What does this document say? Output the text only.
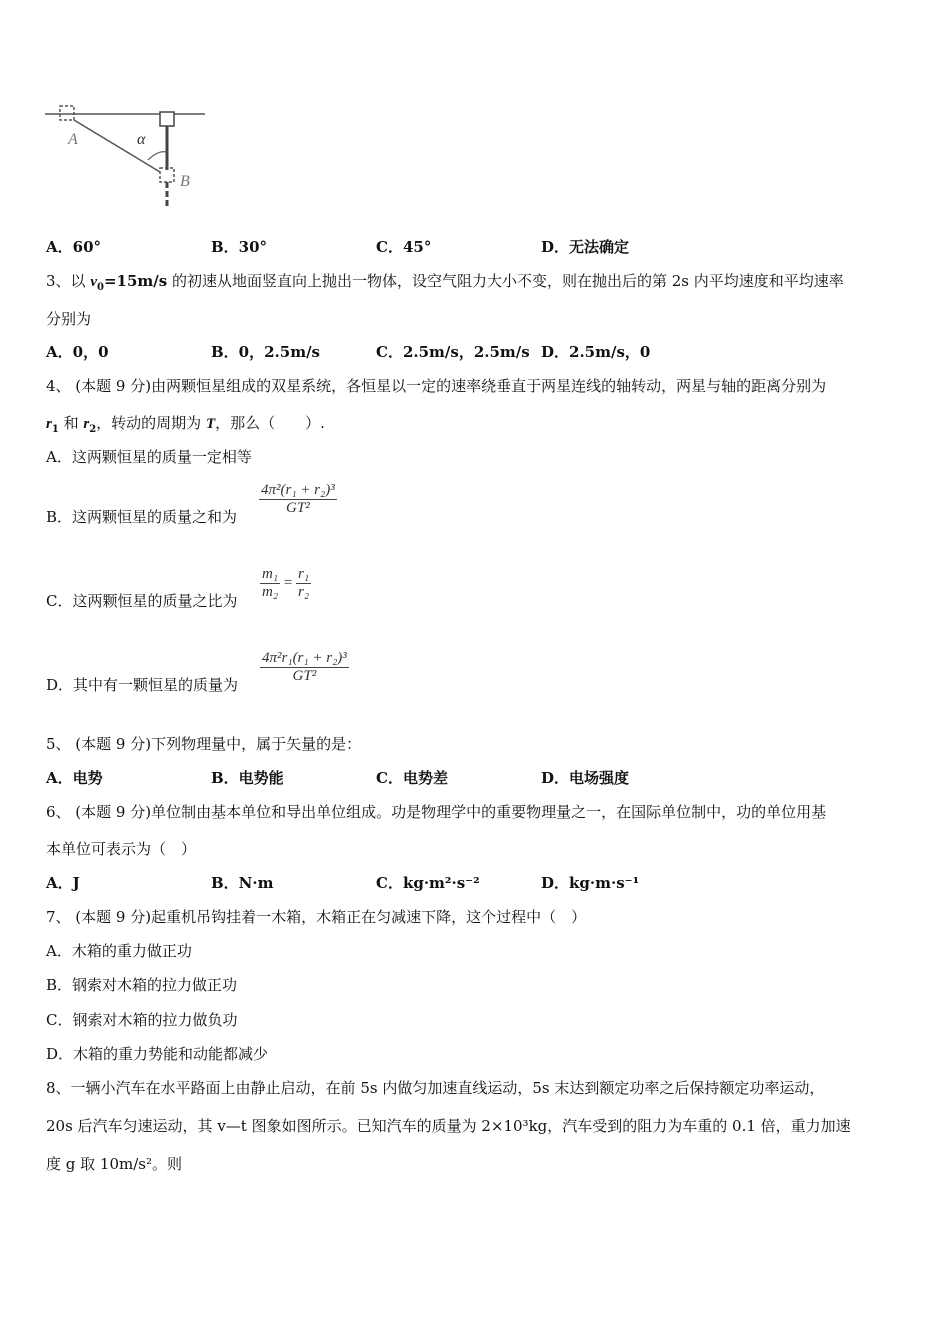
A	α
B
A．60°	B．30°	C．45°	D．无法确定
3、以 $v_0=15m/s$ 的初速从地面竖直向上抛出一物体，设空气阻力大小不变，则在抛出后的第 2s 内平均速度和平均速率
分别为
A．0，0	B．0，2.5m/s	C．2.5m/s，2.5m/s D．2.5m/s，0
4、 (本题 9 分)由两颗恒星组成的双星系统，各恒星以一定的速率绕垂直于两星连线的轴转动，两星与轴的距离分别为
$r_1$ 和 $r_2$，转动的周期为 T，那么（　　）.
A．这两颗恒星的质量一定相等
B．这两颗恒星的质量之和为 $\frac{\text{4π²(r₁ + r₂)³}}{\text{GT²}}$
C．这两颗恒星的质量之比为 $\frac{\text{m₁}}{\text{m₂}} = \frac{\text{r₁}}{\text{r₂}}$
D．其中有一颗恒星的质量为 $\frac{\text{4π²r₁(r₁ + r₂)³}}{\text{GT²}}$
5、 (本题 9 分)下列物理量中，属于矢量的是：
A．电势	B．电势能	C．电势差	D．电场强度
6、 (本题 9 分)单位制由基本单位和导出单位组成。功是物理学中的重要物理量之一，在国际单位制中，功的单位用基
本单位可表示为（　）
A．J	B．N·m	C．kg·m²·s⁻²	D．kg·m·s⁻¹
7、 (本题 9 分)起重机吊钩挂着一木箱，木箱正在匀减速下降，这个过程中（　）
A．木箱的重力做正功
B．钢索对木箱的拉力做正功
C．钢索对木箱的拉力做负功
D．木箱的重力势能和动能都减少
8、一辆小汽车在水平路面上由静止启动，在前 5s 内做匀加速直线运动，5s 末达到额定功率之后保持额定功率运动，
20s 后汽车匀速运动，其 v—t 图象如图所示。已知汽车的质量为 2×10³kg，汽车受到的阻力为车重的 0.1 倍，重力加速
度 g 取 10m/s²。则
